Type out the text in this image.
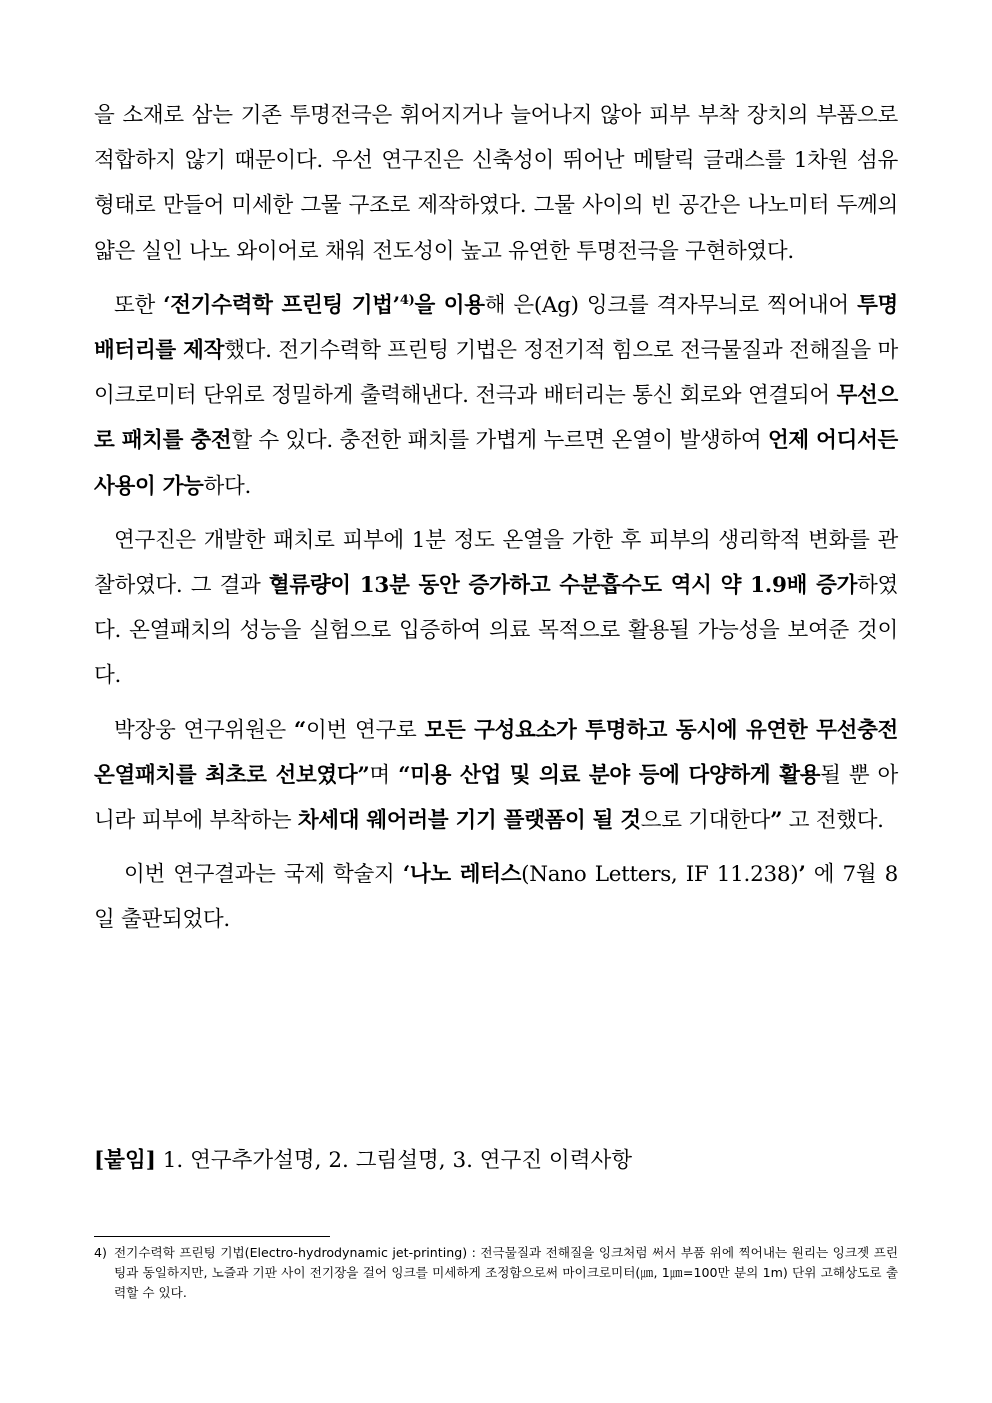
을 소재로 삼는 기존 투명전극은 휘어지거나 늘어나지 않아 피부 부착 장치의 부품으로 적합하지 않기 때문이다. 우선 연구진은 신축성이 뛰어난 메탈릭 글래스를 1차원 섬유 형태로 만들어 미세한 그물 구조로 제작하였다. 그물 사이의 빈 공간은 나노미터 두께의 얇은 실인 나노 와이어로 채워 전도성이 높고 유연한 투명전극을 구현하였다.

또한 ‘전기수력학 프린팅 기법’$^{4)}$을 이용해 은(Ag) 잉크를 격자무늬로 찍어내어 투명 배터리를 제작했다. 전기수력학 프린팅 기법은 정전기적 힘으로 전극물질과 전해질을 마이크로미터 단위로 정밀하게 출력해낸다. 전극과 배터리는 통신 회로와 연결되어 무선으로 패치를 충전할 수 있다. 충전한 패치를 가볍게 누르면 온열이 발생하여 언제 어디서든 사용이 가능하다.

연구진은 개발한 패치로 피부에 1분 정도 온열을 가한 후 피부의 생리학적 변화를 관찰하였다. 그 결과 혈류량이 13분 동안 증가하고 수분흡수도 역시 약 1.9배 증가하였다. 온열패치의 성능을 실험으로 입증하여 의료 목적으로 활용될 가능성을 보여준 것이다.

박장웅 연구위원은 “이번 연구로 모든 구성요소가 투명하고 동시에 유연한 무선충전 온열패치를 최초로 선보였다”며 “미용 산업 및 의료 분야 등에 다양하게 활용될 뿐 아니라 피부에 부착하는 차세대 웨어러블 기기 플랫폼이 될 것으로 기대한다” 고 전했다.

이번 연구결과는 국제 학술지 ‘나노 레터스(Nano Letters, IF 11.238)’ 에 7월 8일 출판되었다.

[붙임] 1. 연구추가설명, 2. 그림설명, 3. 연구진 이력사항

4) 전기수력학 프린팅 기법(Electro-hydrodynamic jet-printing) : 전극물질과 전해질을 잉크처럼 써서 부품 위에 찍어내는 원리는 잉크젯 프린팅과 동일하지만, 노즐과 기판 사이 전기장을 걸어 잉크를 미세하게 조정함으로써 마이크로미터(㎛, 1㎛=100만 분의 1m) 단위 고해상도로 출력할 수 있다.
